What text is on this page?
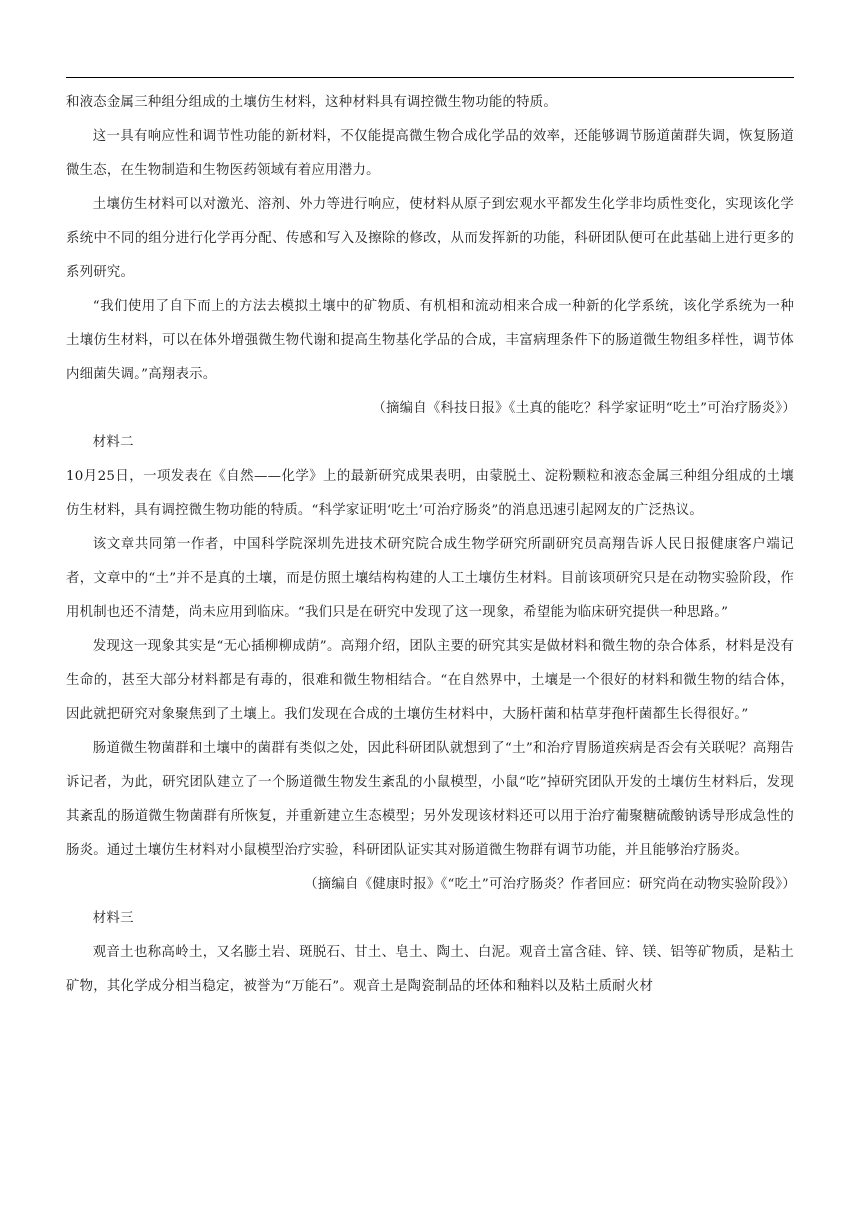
和液态金属三种组分组成的土壤仿生材料，这种材料具有调控微生物功能的特质。

这一具有响应性和调节性功能的新材料，不仅能提高微生物合成化学品的效率，还能够调节肠道菌群失调，恢复肠道微生态，在生物制造和生物医药领域有着应用潜力。

土壤仿生材料可以对激光、溶剂、外力等进行响应，使材料从原子到宏观水平都发生化学非均质性变化，实现该化学系统中不同的组分进行化学再分配、传感和写入及擦除的修改，从而发挥新的功能，科研团队便可在此基础上进行更多的系列研究。

“我们使用了自下而上的方法去模拟土壤中的矿物质、有机相和流动相来合成一种新的化学系统，该化学系统为一种土壤仿生材料，可以在体外增强微生物代谢和提高生物基化学品的合成，丰富病理条件下的肠道微生物组多样性，调节体内细菌失调。”高翔表示。

（摘编自《科技日报》《土真的能吃？科学家证明“吃土”可治疗肠炎》）

材料二

10月25日，一项发表在《自然——化学》上的最新研究成果表明，由蒙脱土、淀粉颗粒和液态金属三种组分组成的土壤仿生材料，具有调控微生物功能的特质。“科学家证明‘吃土’可治疗肠炎”的消息迅速引起网友的广泛热议。

该文章共同第一作者，中国科学院深圳先进技术研究院合成生物学研究所副研究员高翔告诉人民日报健康客户端记者，文章中的“土”并不是真的土壤，而是仿照土壤结构构建的人工土壤仿生材料。目前该项研究只是在动物实验阶段，作用机制也还不清楚，尚未应用到临床。“我们只是在研究中发现了这一现象，希望能为临床研究提供一种思路。”

发现这一现象其实是“无心插柳柳成荫”。高翔介绍，团队主要的研究其实是做材料和微生物的杂合体系，材料是没有生命的，甚至大部分材料都是有毒的，很难和微生物相结合。“在自然界中，土壤是一个很好的材料和微生物的结合体，因此就把研究对象聚焦到了土壤上。我们发现在合成的土壤仿生材料中，大肠杆菌和枯草芽孢杆菌都生长得很好。”

肠道微生物菌群和土壤中的菌群有类似之处，因此科研团队就想到了“土”和治疗胃肠道疾病是否会有关联呢？高翔告诉记者，为此，研究团队建立了一个肠道微生物发生紊乱的小鼠模型，小鼠“吃”掉研究团队开发的土壤仿生材料后，发现其紊乱的肠道微生物菌群有所恢复，并重新建立生态模型；另外发现该材料还可以用于治疗葡聚糖硫酸钠诱导形成急性的肠炎。通过土壤仿生材料对小鼠模型治疗实验，科研团队证实其对肠道微生物群有调节功能，并且能够治疗肠炎。

（摘编自《健康时报》《“吃土”可治疗肠炎？作者回应：研究尚在动物实验阶段》）

材料三

观音土也称高岭土，又名膨土岩、斑脱石、甘土、皂土、陶土、白泥。观音土富含硅、锌、镁、铝等矿物质，是粘土矿物，其化学成分相当稳定，被誉为“万能石”。观音土是陶瓷制品的坯体和釉料以及粘土质耐火材
